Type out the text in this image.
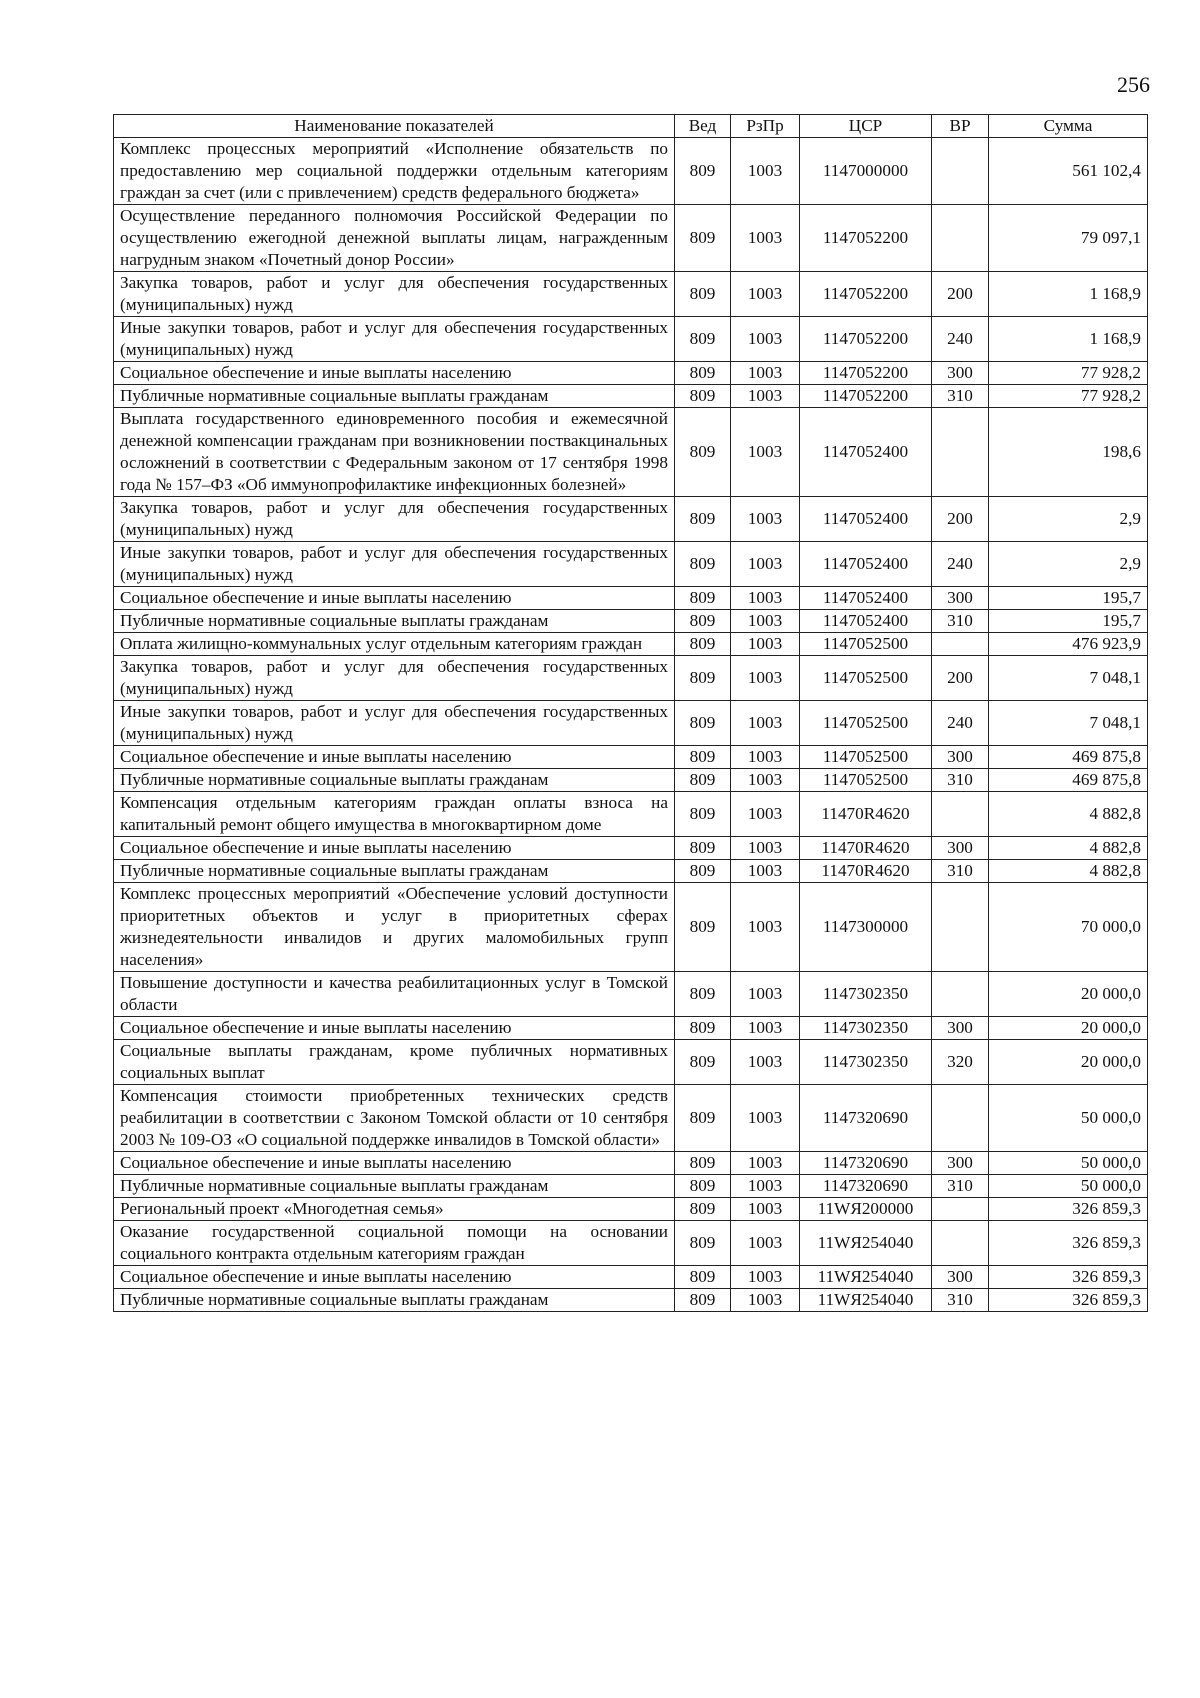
256
Наименование показателей	Вед	РзПр	ЦСР	ВР	Сумма
Комплекс процессных мероприятий «Исполнение обязательств по предоставлению мер социальной поддержки отдельным категориям граждан за счет (или с привлечением) средств федерального бюджета»	809	1003	1147000000		561 102,4
Осуществление переданного полномочия Российской Федерации по осуществлению ежегодной денежной выплаты лицам, награжденным нагрудным знаком «Почетный донор России»	809	1003	1147052200		79 097,1
Закупка товаров, работ и услуг для обеспечения государственных (муниципальных) нужд	809	1003	1147052200	200	1 168,9
Иные закупки товаров, работ и услуг для обеспечения государственных (муниципальных) нужд	809	1003	1147052200	240	1 168,9
Социальное обеспечение и иные выплаты населению	809	1003	1147052200	300	77 928,2
Публичные нормативные социальные выплаты гражданам	809	1003	1147052200	310	77 928,2
Выплата государственного единовременного пособия и ежемесячной денежной компенсации гражданам при возникновении поствакцинальных осложнений в соответствии с Федеральным законом от 17 сентября 1998 года № 157–ФЗ «Об иммунопрофилактике инфекционных болезней»	809	1003	1147052400		198,6
Закупка товаров, работ и услуг для обеспечения государственных (муниципальных) нужд	809	1003	1147052400	200	2,9
Иные закупки товаров, работ и услуг для обеспечения государственных (муниципальных) нужд	809	1003	1147052400	240	2,9
Социальное обеспечение и иные выплаты населению	809	1003	1147052400	300	195,7
Публичные нормативные социальные выплаты гражданам	809	1003	1147052400	310	195,7
Оплата жилищно-коммунальных услуг отдельным категориям граждан	809	1003	1147052500		476 923,9
Закупка товаров, работ и услуг для обеспечения государственных (муниципальных) нужд	809	1003	1147052500	200	7 048,1
Иные закупки товаров, работ и услуг для обеспечения государственных (муниципальных) нужд	809	1003	1147052500	240	7 048,1
Социальное обеспечение и иные выплаты населению	809	1003	1147052500	300	469 875,8
Публичные нормативные социальные выплаты гражданам	809	1003	1147052500	310	469 875,8
Компенсация отдельным категориям граждан оплаты взноса на капитальный ремонт общего имущества в многоквартирном доме	809	1003	11470R4620		4 882,8
Социальное обеспечение и иные выплаты населению	809	1003	11470R4620	300	4 882,8
Публичные нормативные социальные выплаты гражданам	809	1003	11470R4620	310	4 882,8
Комплекс процессных мероприятий «Обеспечение условий доступности приоритетных объектов и услуг в приоритетных сферах жизнедеятельности инвалидов и других маломобильных групп населения»	809	1003	1147300000		70 000,0
Повышение доступности и качества реабилитационных услуг в Томской области	809	1003	1147302350		20 000,0
Социальное обеспечение и иные выплаты населению	809	1003	1147302350	300	20 000,0
Социальные выплаты гражданам, кроме публичных нормативных социальных выплат	809	1003	1147302350	320	20 000,0
Компенсация стоимости приобретенных технических средств реабилитации в соответствии с Законом Томской области от 10 сентября 2003 № 109-ОЗ «О социальной поддержке инвалидов в Томской области»	809	1003	1147320690		50 000,0
Социальное обеспечение и иные выплаты населению	809	1003	1147320690	300	50 000,0
Публичные нормативные социальные выплаты гражданам	809	1003	1147320690	310	50 000,0
Региональный проект «Многодетная семья»	809	1003	11WЯ200000		326 859,3
Оказание государственной социальной помощи на основании социального контракта отдельным категориям граждан	809	1003	11WЯ254040		326 859,3
Социальное обеспечение и иные выплаты населению	809	1003	11WЯ254040	300	326 859,3
Публичные нормативные социальные выплаты гражданам	809	1003	11WЯ254040	310	326 859,3
